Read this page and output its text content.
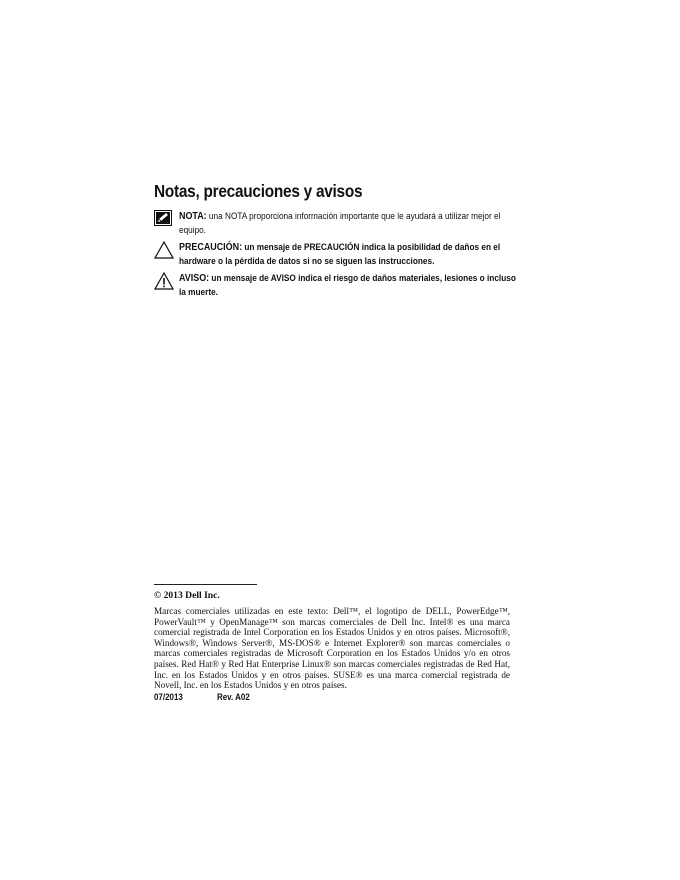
Notas, precauciones y avisos
NOTA: una NOTA proporciona información importante que le ayudará a utilizar mejor el equipo.
PRECAUCIÓN: un mensaje de PRECAUCIÓN indica la posibilidad de daños en el hardware o la pérdida de datos si no se siguen las instrucciones.
AVISO: un mensaje de AVISO indica el riesgo de daños materiales, lesiones o incluso la muerte.
© 2013 Dell Inc.
Marcas comerciales utilizadas en este texto: Dell™, el logotipo de DELL, PowerEdge™, PowerVault™ y OpenManage™ son marcas comerciales de Dell Inc. Intel® es una marca comercial registrada de Intel Corporation en los Estados Unidos y en otros países. Microsoft®, Windows®, Windows Server®, MS-DOS® e Internet Explorer® son marcas comerciales o marcas comerciales registradas de Microsoft Corporation en los Estados Unidos y/o en otros países. Red Hat® y Red Hat Enterprise Linux® son marcas comerciales registradas de Red Hat, Inc. en los Estados Unidos y en otros países. SUSE® es una marca comercial registrada de Novell, Inc. en los Estados Unidos y en otros países.
07/2013	Rev. A02
